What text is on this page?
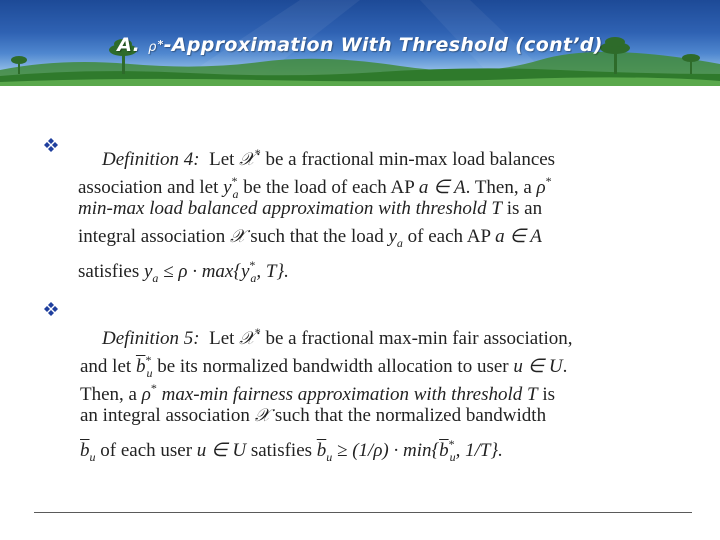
A. ρ*-Approximation With Threshold (cont’d)
Definition 4: Let 𝒳* be a fractional min-max load balances
association and let $y^*_a$ be the load of each AP a ∈ A. Then, a ρ*
min-max load balanced approximation with threshold T is an
integral association 𝒳 such that the load $y_a$ of each AP a ∈ A
satisfies $y_a \le \rho \cdot \max\{y^*_a$, T}.
Definition 5: Let 𝒳* be a fractional max-min fair association,
and let $\overline{b}^*_u$ be its normalized bandwidth allocation to user u ∈ U.
Then, a ρ* max-min fairness approximation with threshold T is
an integral association 𝒳 such that the normalized bandwidth
$\overline{b}_u$ of each user u ∈ U satisfies $\overline{b}_u \ge (1/\rho) \cdot \min\{\overline{b}^*_u$, 1/T}.
